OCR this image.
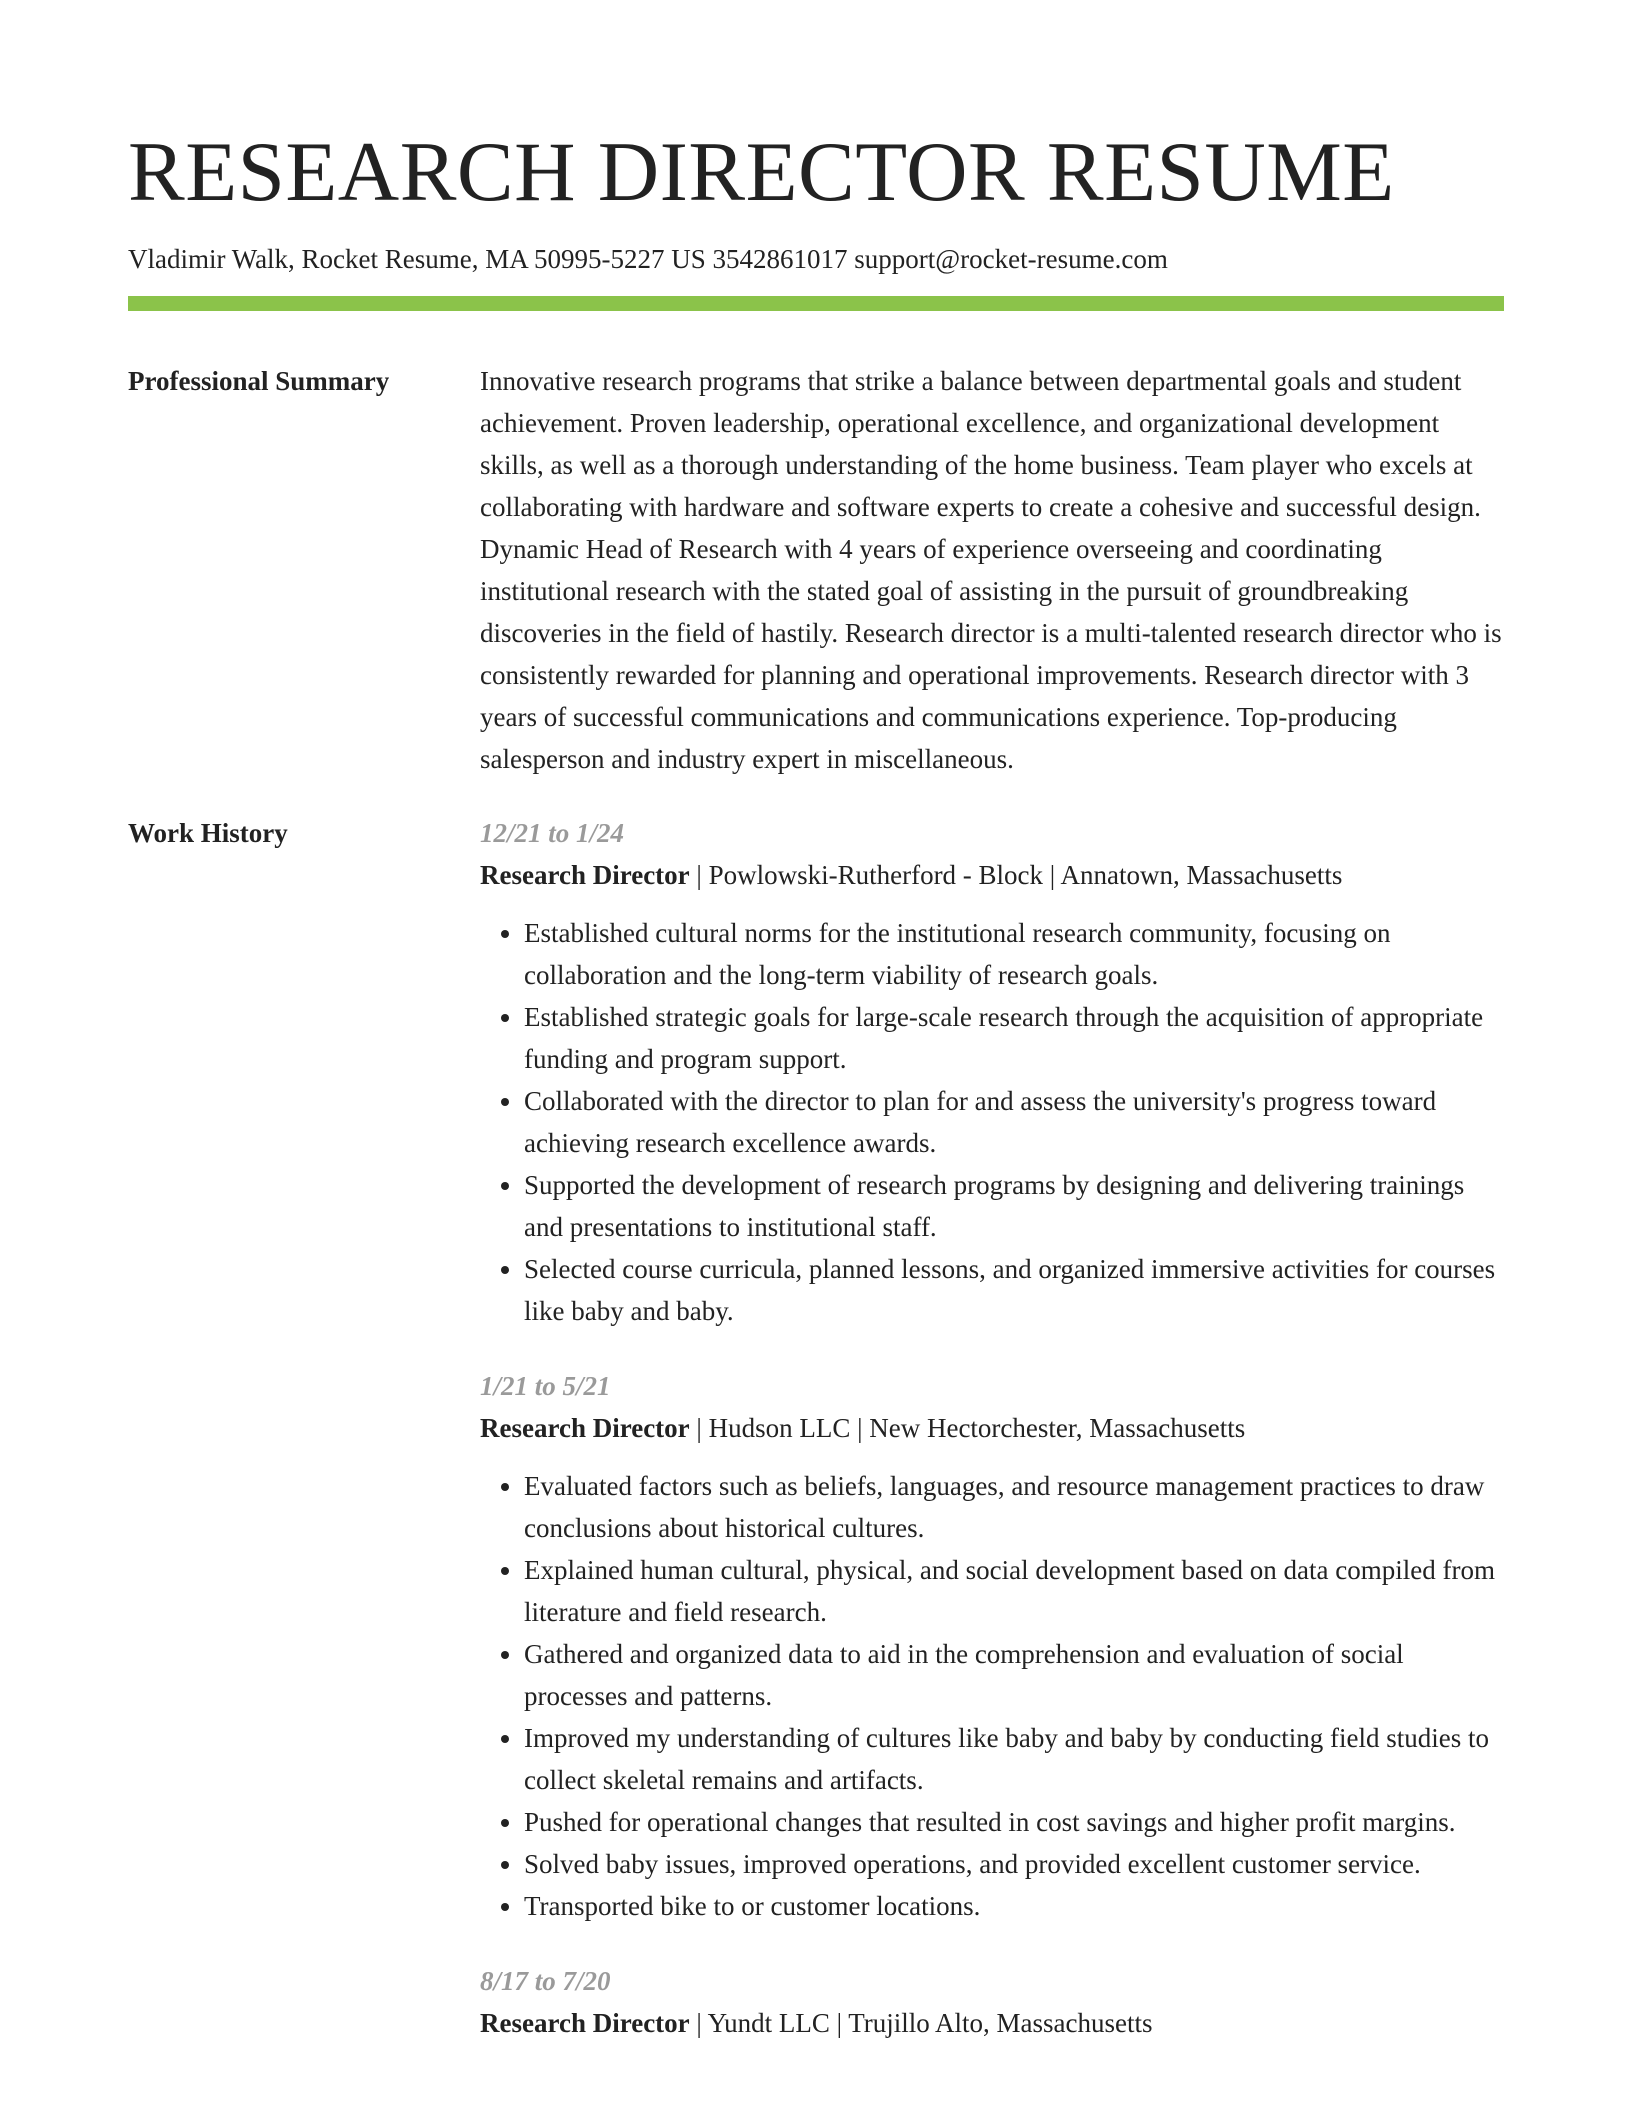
RESEARCH DIRECTOR RESUME
Vladimir Walk, Rocket Resume, MA 50995-5227 US 3542861017 support@rocket-resume.com
Professional Summary	Innovative research programs that strike a balance between departmental goals and student achievement. Proven leadership, operational excellence, and organizational development skills, as well as a thorough understanding of the home business. Team player who excels at collaborating with hardware and software experts to create a cohesive and successful design. Dynamic Head of Research with 4 years of experience overseeing and coordinating institutional research with the stated goal of assisting in the pursuit of groundbreaking discoveries in the field of hastily. Research director is a multi-talented research director who is consistently rewarded for planning and operational improvements. Research director with 3 years of successful communications and communications experience. Top-producing salesperson and industry expert in miscellaneous.

Work History	12/21 to 1/24
Research Director | Powlowski-Rutherford - Block | Annatown, Massachusetts
• Established cultural norms for the institutional research community, focusing on collaboration and the long-term viability of research goals.
• Established strategic goals for large-scale research through the acquisition of appropriate funding and program support.
• Collaborated with the director to plan for and assess the university's progress toward achieving research excellence awards.
• Supported the development of research programs by designing and delivering trainings and presentations to institutional staff.
• Selected course curricula, planned lessons, and organized immersive activities for courses like baby and baby.
1/21 to 5/21
Research Director | Hudson LLC | New Hectorchester, Massachusetts
• Evaluated factors such as beliefs, languages, and resource management practices to draw conclusions about historical cultures.
• Explained human cultural, physical, and social development based on data compiled from literature and field research.
• Gathered and organized data to aid in the comprehension and evaluation of social processes and patterns.
• Improved my understanding of cultures like baby and baby by conducting field studies to collect skeletal remains and artifacts.
• Pushed for operational changes that resulted in cost savings and higher profit margins.
• Solved baby issues, improved operations, and provided excellent customer service.
• Transported bike to or customer locations.
8/17 to 7/20
Research Director | Yundt LLC | Trujillo Alto, Massachusetts
